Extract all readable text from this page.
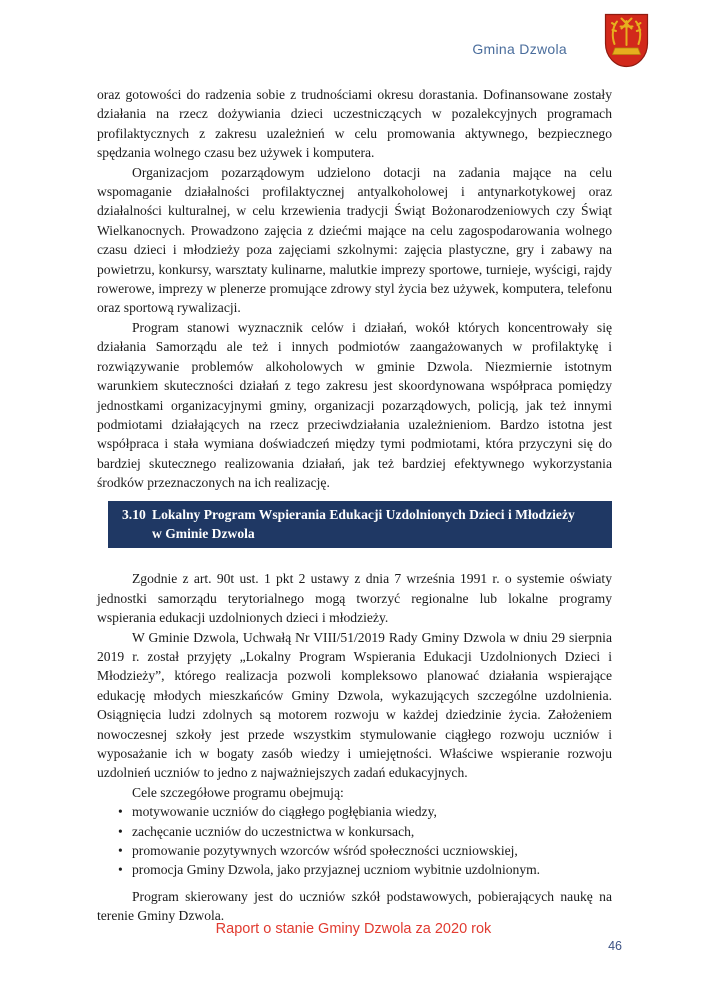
Gmina Dzwola

oraz gotowości do radzenia sobie z trudnościami okresu dorastania. Dofinansowane zostały działania na rzecz dożywiania dzieci uczestniczących w pozalekcyjnych programach profilaktycznych z zakresu uzależnień w celu promowania aktywnego, bezpiecznego spędzania wolnego czasu bez używek i komputera.

Organizacjom pozarządowym udzielono dotacji na zadania mające na celu wspomaganie działalności profilaktycznej antyalkoholowej i antynarkotykowej oraz działalności kulturalnej, w celu krzewienia tradycji Świąt Bożonarodzeniowych czy Świąt Wielkanocnych. Prowadzono zajęcia z dziećmi mające na celu zagospodarowania wolnego czasu dzieci i młodzieży poza zajęciami szkolnymi: zajęcia plastyczne, gry i zabawy na powietrzu, konkursy, warsztaty kulinarne, malutkie imprezy sportowe, turnieje, wyścigi, rajdy rowerowe, imprezy w plenerze promujące zdrowy styl życia bez używek, komputera, telefonu oraz sportową rywalizacji.

Program stanowi wyznacznik celów i działań, wokół których koncentrowały się działania Samorządu ale też i innych podmiotów zaangażowanych w profilaktykę i rozwiązywanie problemów alkoholowych w gminie Dzwola. Niezmiernie istotnym warunkiem skuteczności działań z tego zakresu jest skoordynowana współpraca pomiędzy jednostkami organizacyjnymi gminy, organizacji pozarządowych, policją, jak też innymi podmiotami działających na rzecz przeciwdziałania uzależnieniom. Bardzo istotna jest współpraca i stała wymiana doświadczeń między tymi podmiotami, która przyczyni się do bardziej skutecznego realizowania działań, jak też bardziej efektywnego wykorzystania środków przeznaczonych na ich realizację.

3.10 Lokalny Program Wspierania Edukacji Uzdolnionych Dzieci i Młodzieży
w Gminie Dzwola

Zgodnie z art. 90t ust. 1 pkt 2 ustawy z dnia 7 września 1991 r. o systemie oświaty jednostki samorządu terytorialnego mogą tworzyć regionalne lub lokalne programy wspierania edukacji uzdolnionych dzieci i młodzieży.

W Gminie Dzwola, Uchwałą Nr VIII/51/2019 Rady Gminy Dzwola w dniu 29 sierpnia 2019 r. został przyjęty „Lokalny Program Wspierania Edukacji Uzdolnionych Dzieci i Młodzieży”, którego realizacja pozwoli kompleksowo planować działania wspierające edukację młodych mieszkańców Gminy Dzwola, wykazujących szczególne uzdolnienia. Osiągnięcia ludzi zdolnych są motorem rozwoju w każdej dziedzinie życia. Założeniem nowoczesnej szkoły jest przede wszystkim stymulowanie ciągłego rozwoju uczniów i wyposażanie ich w bogaty zasób wiedzy i umiejętności. Właściwe wspieranie rozwoju uzdolnień uczniów to jedno z najważniejszych zadań edukacyjnych.

Cele szczegółowe programu obejmują:

• motywowanie uczniów do ciągłego pogłębiania wiedzy,
• zachęcanie uczniów do uczestnictwa w konkursach,
• promowanie pozytywnych wzorców wśród społeczności uczniowskiej,
• promocja Gminy Dzwola, jako przyjaznej uczniom wybitnie uzdolnionym.

Program skierowany jest do uczniów szkół podstawowych, pobierających naukę na terenie Gminy Dzwola.

Raport o stanie Gminy Dzwola za 2020 rok
46
